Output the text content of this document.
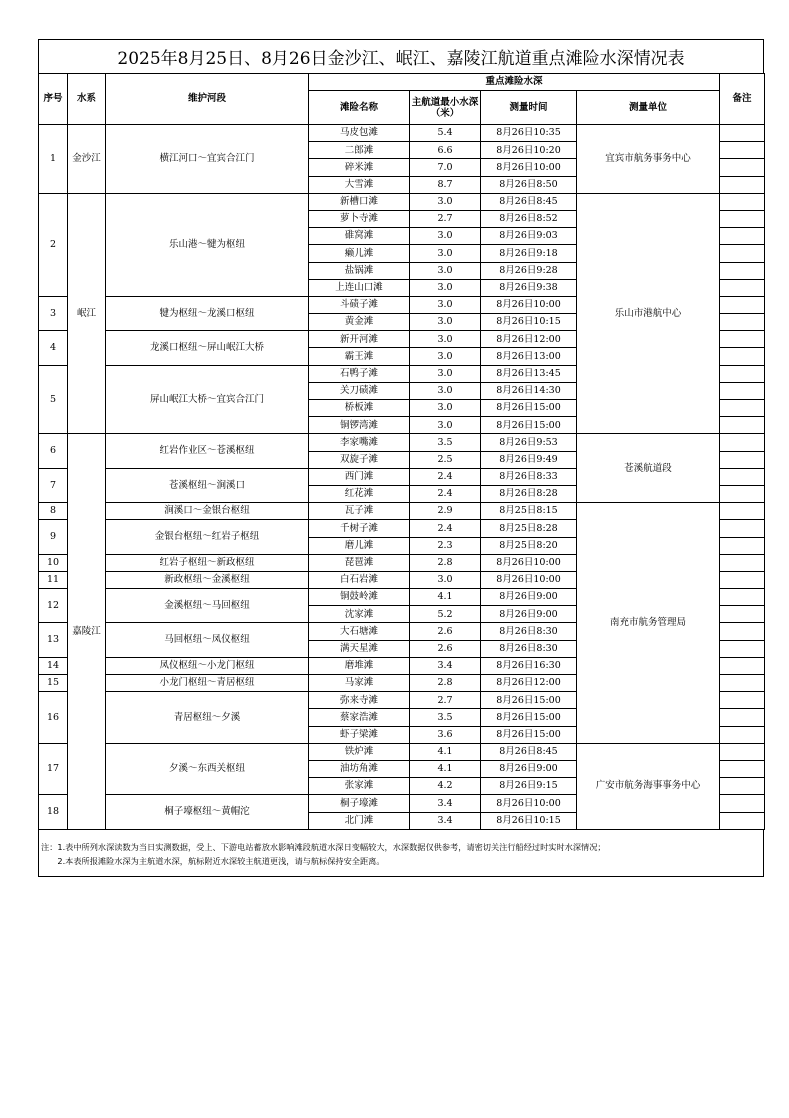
2025年8月25日、8月26日金沙江、岷江、嘉陵江航道重点滩险水深情况表
序号	水系	维护河段	重点滩险水深				备注
			滩险名称	主航道最小水深（米）	测量时间	测量单位	
1	金沙江	横江河口～宜宾合江门	马皮包滩	5.4	8月26日10:35	宜宾市航务事务中心	
			二郎滩	6.6	8月26日10:20		
			碎米滩	7.0	8月26日10:00		
			大雪滩	8.7	8月26日8:50		
2	岷江	乐山港～犍为枢纽	新槽口滩	3.0	8月26日8:45	乐山市港航中心	
			萝卜寺滩	2.7	8月26日8:52		
			碓窝滩	3.0	8月26日9:03		
			癞儿滩	3.0	8月26日9:18		
			盐锅滩	3.0	8月26日9:28		
			上连山口滩	3.0	8月26日9:38		
3		犍为枢纽～龙溪口枢纽	斗碛子滩	3.0	8月26日10:00		
			黄金滩	3.0	8月26日10:15		
4		龙溪口枢纽～屏山岷江大桥	新开河滩	3.0	8月26日12:00		
			霸王滩	3.0	8月26日13:00		
5		屏山岷江大桥～宜宾合江门	石鸭子滩	3.0	8月26日13:45		
			关刀碛滩	3.0	8月26日14:30		
			桥板滩	3.0	8月26日15:00		
			铜锣湾滩	3.0	8月26日15:00		
6	嘉陵江	红岩作业区～苍溪枢纽	李家嘴滩	3.5	8月26日9:53	苍溪航道段	
			双旋子滩	2.5	8月26日9:49		
7		苍溪枢纽～涧溪口	西门滩	2.4	8月26日8:33		
			红花滩	2.4	8月26日8:28		
8		涧溪口～金银台枢纽	瓦子滩	2.9	8月25日8:15	南充市航务管理局	
9		金银台枢纽～红岩子枢纽	千树子滩	2.4	8月25日8:28		
			磨儿滩	2.3	8月25日8:20		
10		红岩子枢纽～新政枢纽	琵琶滩	2.8	8月26日10:00		
11		新政枢纽～金溪枢纽	白石岩滩	3.0	8月26日10:00		
12		金溪枢纽～马回枢纽	铜鼓岭滩	4.1	8月26日9:00		
			沈家滩	5.2	8月26日9:00		
13		马回枢纽～凤仪枢纽	大石塘滩	2.6	8月26日8:30		
			满天星滩	2.6	8月26日8:30		
14		凤仪枢纽～小龙门枢纽	磨堆滩	3.4	8月26日16:30		
15		小龙门枢纽～青居枢纽	马家滩	2.8	8月26日12:00		
16		青居枢纽～夕溪	弥来寺滩	2.7	8月26日15:00		
			蔡家浩滩	3.5	8月26日15:00		
			虾子梁滩	3.6	8月26日15:00		
17		夕溪～东西关枢纽	铁炉滩	4.1	8月26日8:45	广安市航务海事事务中心	
			油坊角滩	4.1	8月26日9:00		
			张家滩	4.2	8月26日9:15		
18		桐子壕枢纽～黄帽沱	桐子壕滩	3.4	8月26日10:00		
			北门滩	3.4	8月26日10:15		
注：1.表中所列水深读数为当日实测数据，受上、下游电站蓄放水影响滩段航道水深日变幅较大，水深数据仅供参考，请密切关注行船经过时实时水深情况；
　　2.本表所报滩险水深为主航道水深，航标附近水深较主航道更浅，请与航标保持安全距离。
